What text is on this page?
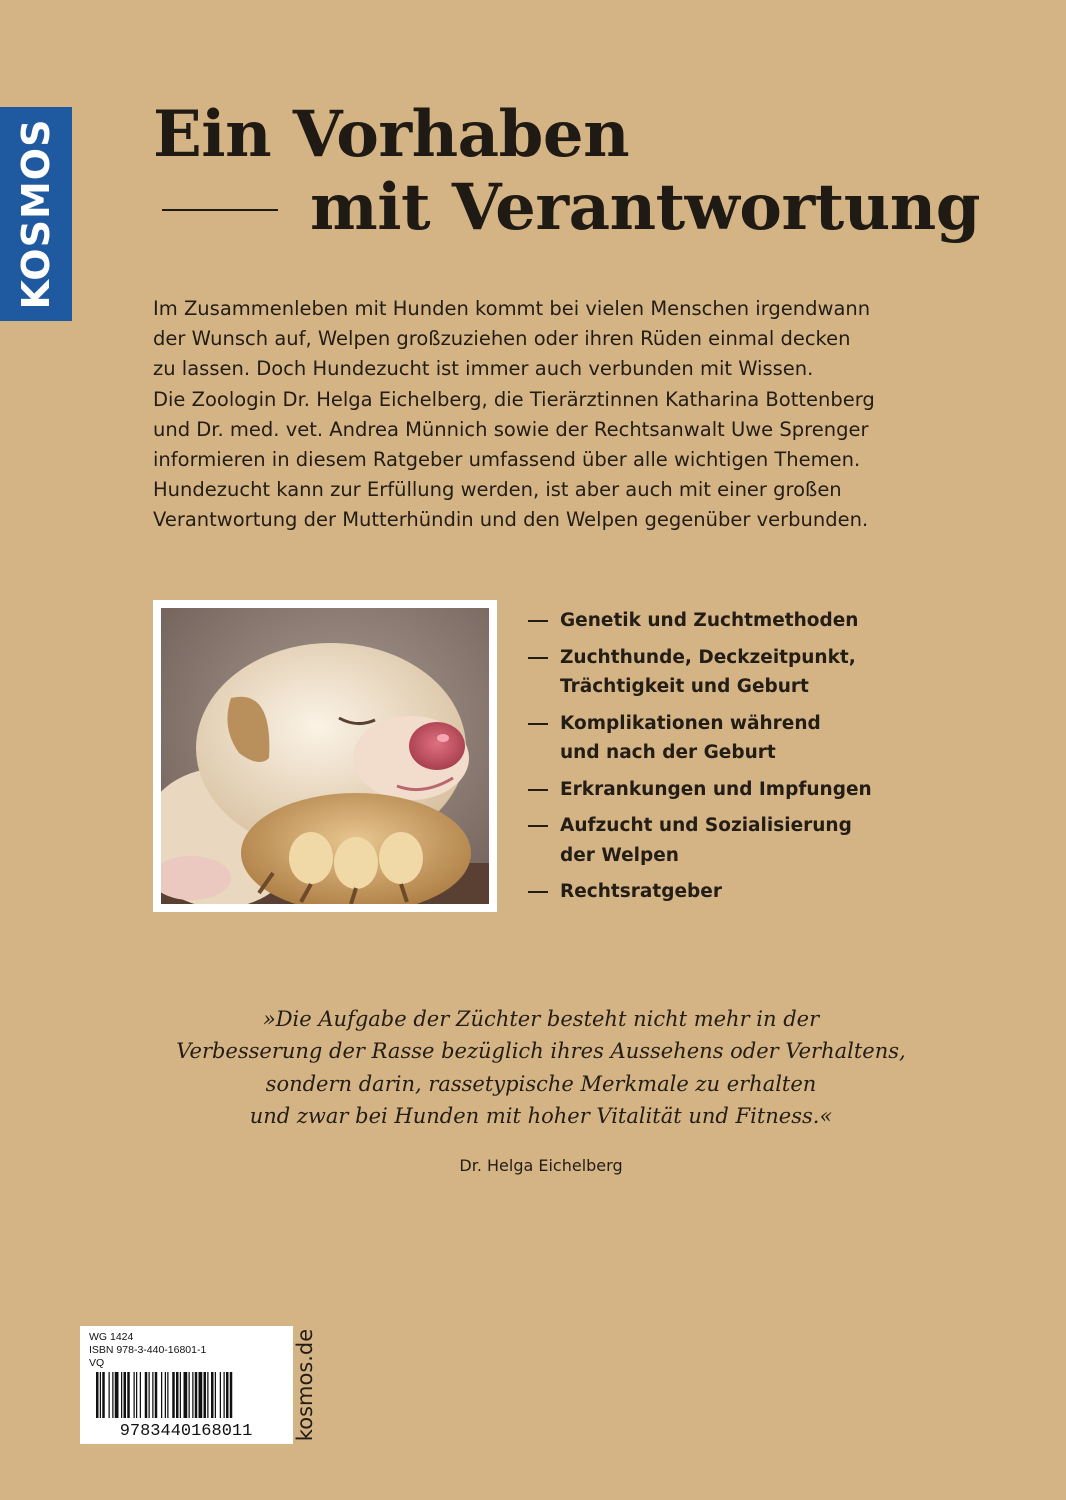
KOSMOS Ein Vorhaben
mit Verantwortung

Im Zusammenleben mit Hunden kommt bei vielen Menschen irgendwann

der Wunsch auf, Welpen großzuziehen oder ihren Rüden einmal decken

zu lassen. Doch Hundezucht ist immer auch verbunden mit Wissen.

Die Zoologin Dr. Helga Eichelberg, die Tierärztinnen Katharina Bottenberg

und Dr. med. vet. Andrea Münnich sowie der Rechtsanwalt Uwe Sprenger

informieren in diesem Ratgeber umfassend über alle wichtigen Themen.

Hundezucht kann zur Erfüllung werden, ist aber auch mit einer großen

Verantwortung der Mutterhündin und den Welpen gegenüber verbunden.

Genetik und Zuchtmethoden
Zuchthunde, Deckzeitpunkt,
Trächtigkeit und Geburt
Komplikationen während
und nach der Geburt
Erkrankungen und Impfungen
Aufzucht und Sozialisierung
der Welpen
Rechtsratgeber

»Die Aufgabe der Züchter besteht nicht mehr in der

Verbesserung der Rasse bezüglich ihres Aussehens oder Verhaltens,

sondern darin, rassetypische Merkmale zu erhalten

und zwar bei Hunden mit hoher Vitalität und Fitness.«

Dr. Helga Eichelberg
WG 1424
ISBN 978-3-440-16801-1
VQ
9783440168011 kosmos.de
